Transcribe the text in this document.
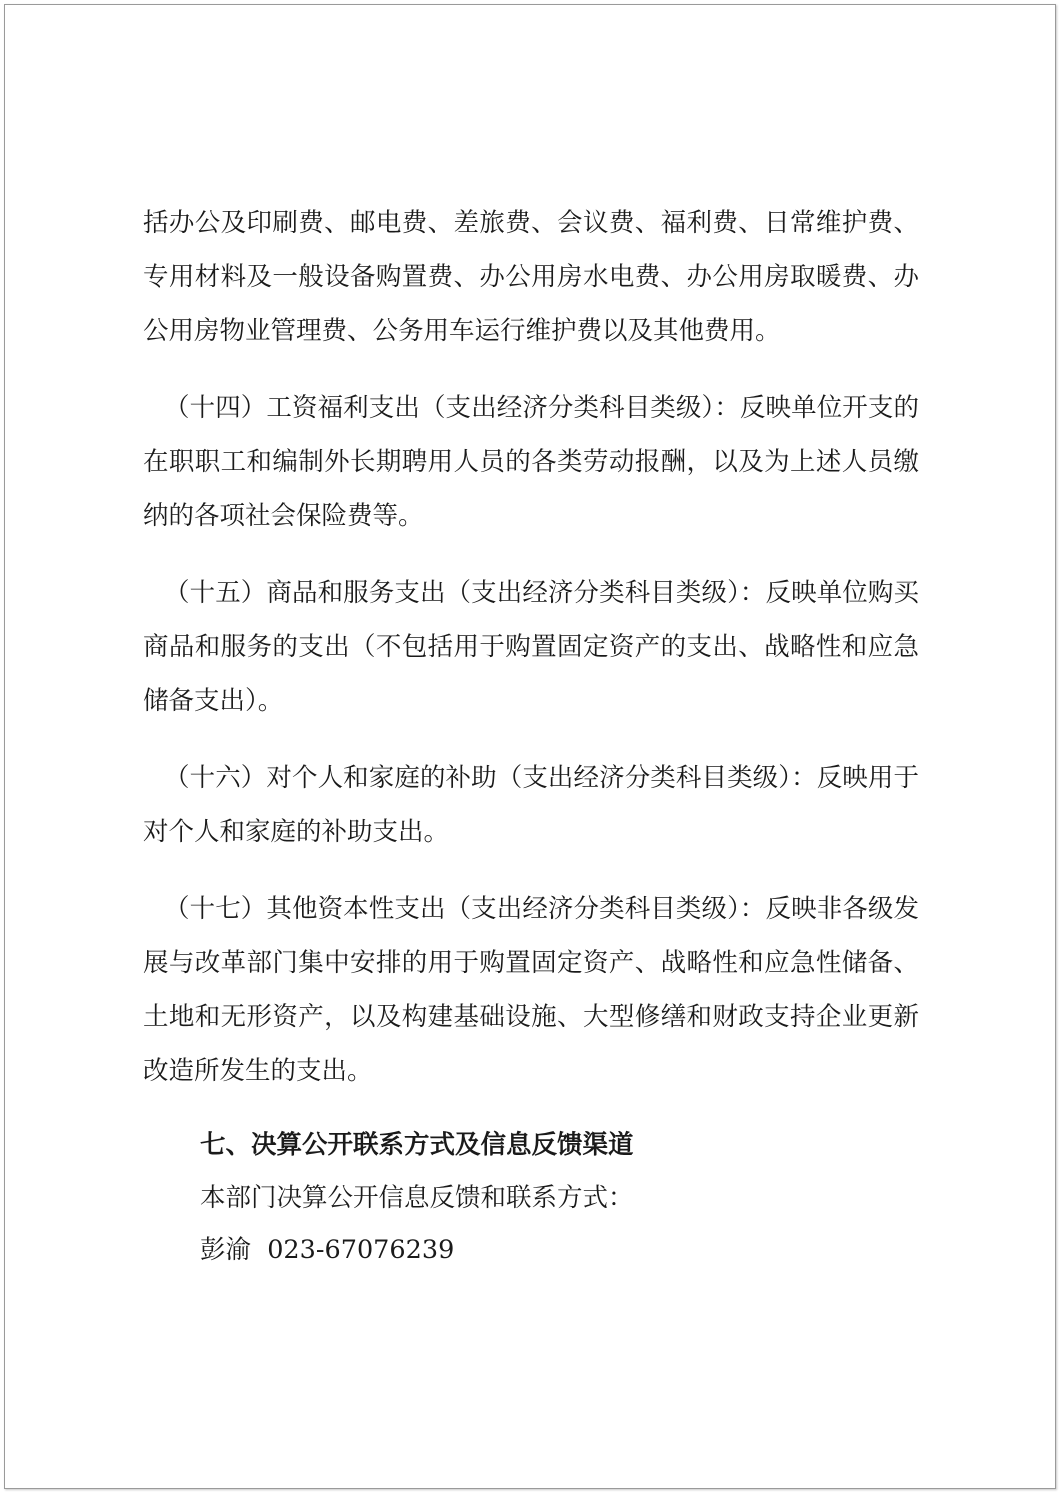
括办公及印刷费、邮电费、差旅费、会议费、福利费、日常维护费、专用材料及一般设备购置费、办公用房水电费、办公用房取暖费、办公用房物业管理费、公务用车运行维护费以及其他费用。

（十四）工资福利支出（支出经济分类科目类级）：反映单位开支的在职职工和编制外长期聘用人员的各类劳动报酬，以及为上述人员缴纳的各项社会保险费等。

（十五）商品和服务支出（支出经济分类科目类级）：反映单位购买商品和服务的支出（不包括用于购置固定资产的支出、战略性和应急储备支出）。

（十六）对个人和家庭的补助（支出经济分类科目类级）：反映用于对个人和家庭的补助支出。

（十七）其他资本性支出（支出经济分类科目类级）：反映非各级发展与改革部门集中安排的用于购置固定资产、战略性和应急性储备、土地和无形资产，以及构建基础设施、大型修缮和财政支持企业更新改造所发生的支出。

七、决算公开联系方式及信息反馈渠道

本部门决算公开信息反馈和联系方式：

彭渝  023-67076239
